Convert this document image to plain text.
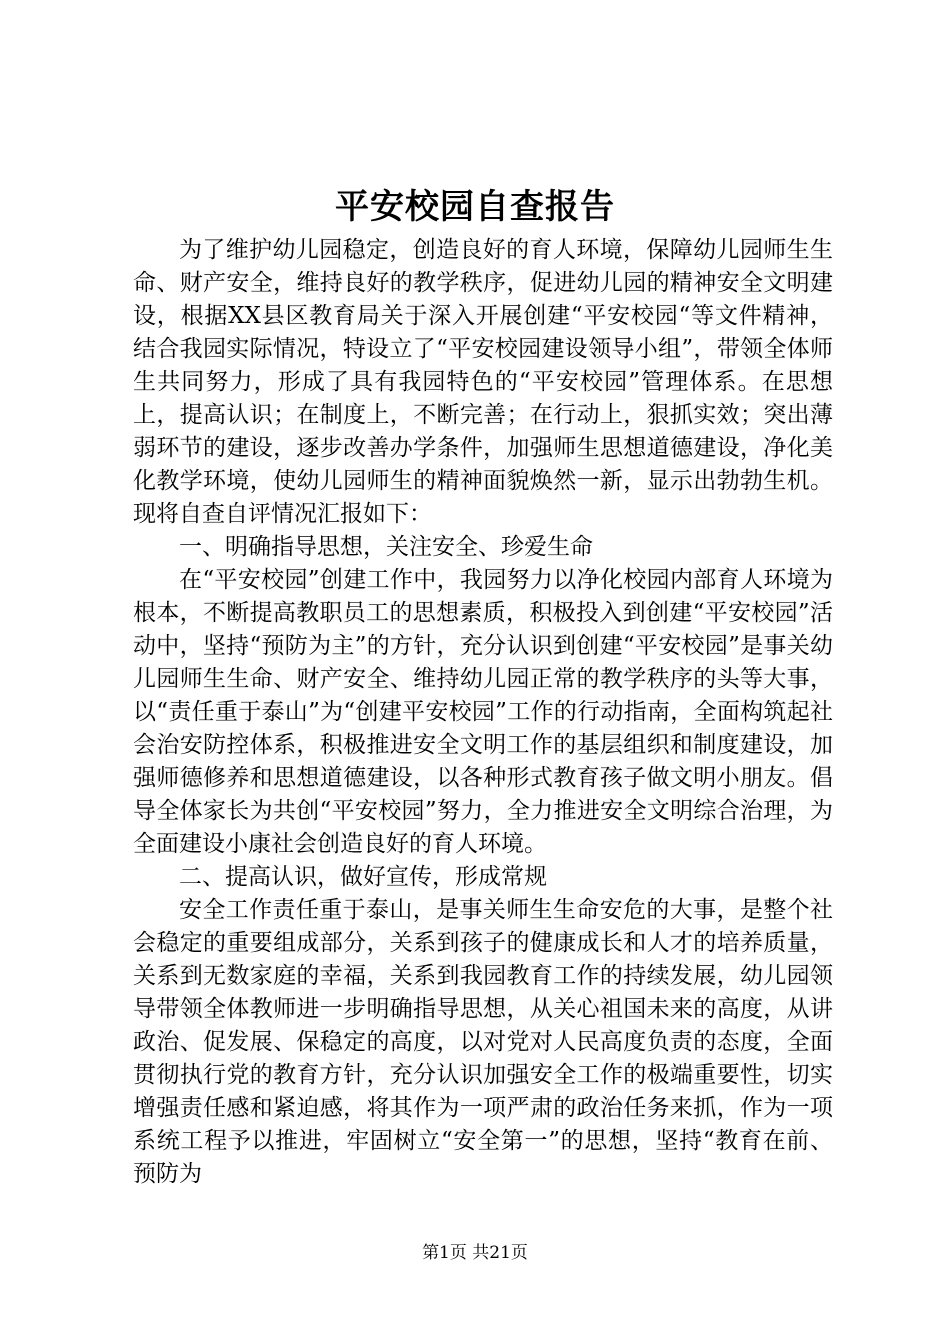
平安校园自查报告

为了维护幼儿园稳定，创造良好的育人环境，保障幼儿园师生生命、财产安全，维持良好的教学秩序，促进幼儿园的精神安全文明建设，根据XX县区教育局关于深入开展创建“平安校园“等文件精神，结合我园实际情况，特设立了“平安校园建设领导小组”，带领全体师生共同努力，形成了具有我园特色的“平安校园”管理体系。在思想上，提高认识；在制度上，不断完善；在行动上，狠抓实效；突出薄弱环节的建设，逐步改善办学条件，加强师生思想道德建设，净化美化教学环境，使幼儿园师生的精神面貌焕然一新，显示出勃勃生机。现将自查自评情况汇报如下：

一、明确指导思想，关注安全、珍爱生命

在“平安校园”创建工作中，我园努力以净化校园内部育人环境为根本，不断提高教职员工的思想素质，积极投入到创建“平安校园”活动中，坚持“预防为主”的方针，充分认识到创建“平安校园”是事关幼儿园师生生命、财产安全、维持幼儿园正常的教学秩序的头等大事，以“责任重于泰山”为“创建平安校园”工作的行动指南，全面构筑起社会治安防控体系，积极推进安全文明工作的基层组织和制度建设，加强师德修养和思想道德建设，以各种形式教育孩子做文明小朋友。倡导全体家长为共创“平安校园”努力，全力推进安全文明综合治理，为全面建设小康社会创造良好的育人环境。

二、提高认识，做好宣传，形成常规

安全工作责任重于泰山，是事关师生生命安危的大事，是整个社会稳定的重要组成部分，关系到孩子的健康成长和人才的培养质量，关系到无数家庭的幸福，关系到我园教育工作的持续发展，幼儿园领导带领全体教师进一步明确指导思想，从关心祖国未来的高度，从讲政治、促发展、保稳定的高度，以对党对人民高度负责的态度，全面贯彻执行党的教育方针，充分认识加强安全工作的极端重要性，切实增强责任感和紧迫感，将其作为一项严肃的政治任务来抓，作为一项系统工程予以推进，牢固树立“安全第一”的思想，坚持“教育在前、预防为

第1页 共21页
